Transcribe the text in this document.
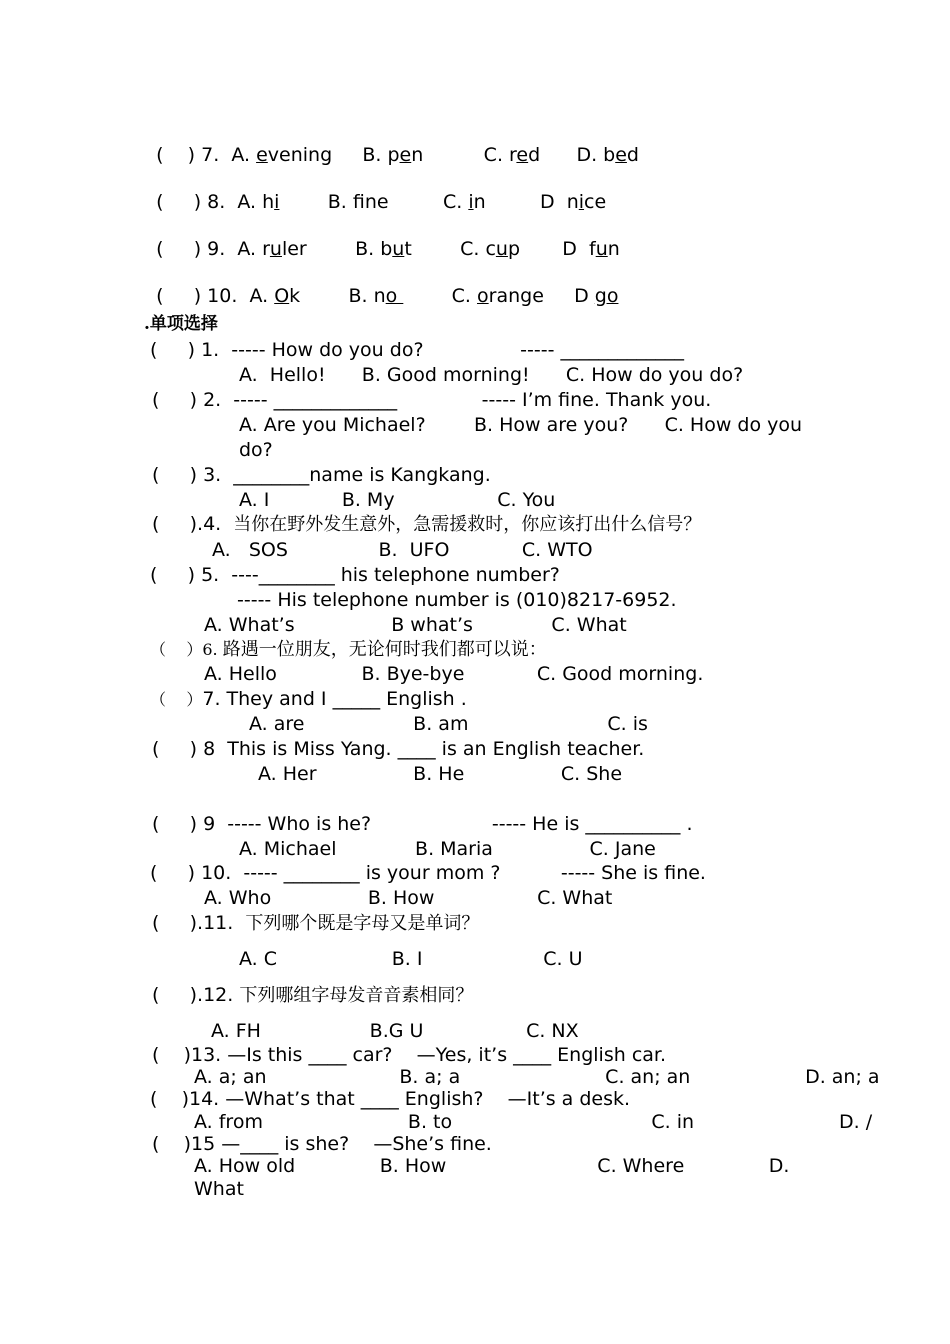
(    ) 7.  A. evening     B. pen          C. red      D. bed

(     ) 8.  A. hi	B. fne         C. in         D  nice

(     ) 9.  A. ruler        B. but        C. cup       D  fun

(     ) 10.  A. Ok        B. no	C. orange     D go

.单项选择
(     ) 1.  ----- How do you do?                ----- _____________
A.  Hello!      B. Good morning!      C. How do you do?
(     ) 2.  ----- _____________              ----- I’m fine. Thank you.
A. Are you Michael?        B. How are you?      C. How do you
do?
(     ) 3.  ________name is Kangkang.
A. I            B. My                 C. You
(     ).4.  当你在野外发生意外，急需援救时，你应该打出什么信号？
A.   SOS               B.  UFO            C. WTO
(     ) 5.  ----________ his telephone number?
----- His telephone number is (010)8217-6952.
A. What’s                B what’s             C. What
（    ）6. 路遇一位朋友，无论何时我们都可以说：
A. Hello              B. Bye-bye            C. Good morning.
（    ）7. They and I _____ English .
A. are                  B. am                       C. is
(     ) 8  This is Miss Yang. ____ is an English teacher.
A. Her                B. He                C. She
(     ) 9  ----- Who is he?                    ----- He is __________ .
A. Michael             B. Maria                C. Jane
(     ) 10.  ----- ________ is your mom ?          ----- She is fine.
A. Who                B. How                 C. What
(     ).11.  下列哪个既是字母又是单词？
A. C                   B. I                    C. U
(     ).12. 下列哪组字母发音音素相同？
A. FH                  B.G U                 C. NX
(    )13. —Is this ____ car?    —Yes, it’s ____ English car.
A. a; an                      B. a; a                        C. an; an                   D. an; a
(    )14. —What’s that ____ English?    —It’s a desk.
A. from                        B. to                                 C. in                        D. /
(    )15 —____ is she?    —She’s fine.
A. How old              B. How                         C. Where              D.
What
